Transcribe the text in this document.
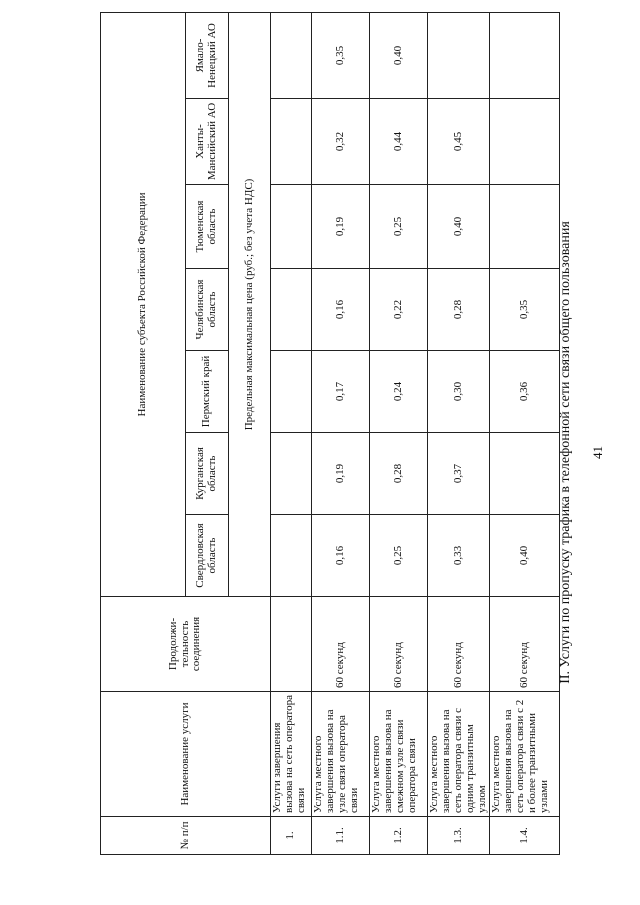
41
II. Услуги по пропуску трафика в телефонной сети связи общего пользования
№ п/п	Наименование услуги	Продолжи-тельность соединения	Наименование субъекта Российской Федерации						
			Свердловская область	Курганская область	Пермский край	Челябинская область	Тюменская область	Ханты-Мансийский АО	Ямало-Ненецкий АО
			Предельная максимальная цена (руб.; без учета НДС)						
1.	Услуги завершения вызова на сеть оператора связи								
1.1.	Услуга местного завершения вызова на узле связи оператора связи	60 секунд	0,16	0,19	0,17	0,16	0,19	0,32	0,35
1.2.	Услуга местного завершения вызова на смежном узле связи оператора связи	60 секунд	0,25	0,28	0,24	0,22	0,25	0,44	0,40
1.3.	Услуга местного завершения вызова на сеть оператора связи с одним транзитным узлом	60 секунд	0,33	0,37	0,30	0,28	0,40	0,45	
1.4.	Услуга местного завершения вызова на сеть оператора связи с 2 и более транзитными узлами	60 секунд	0,40		0,36	0,35			
